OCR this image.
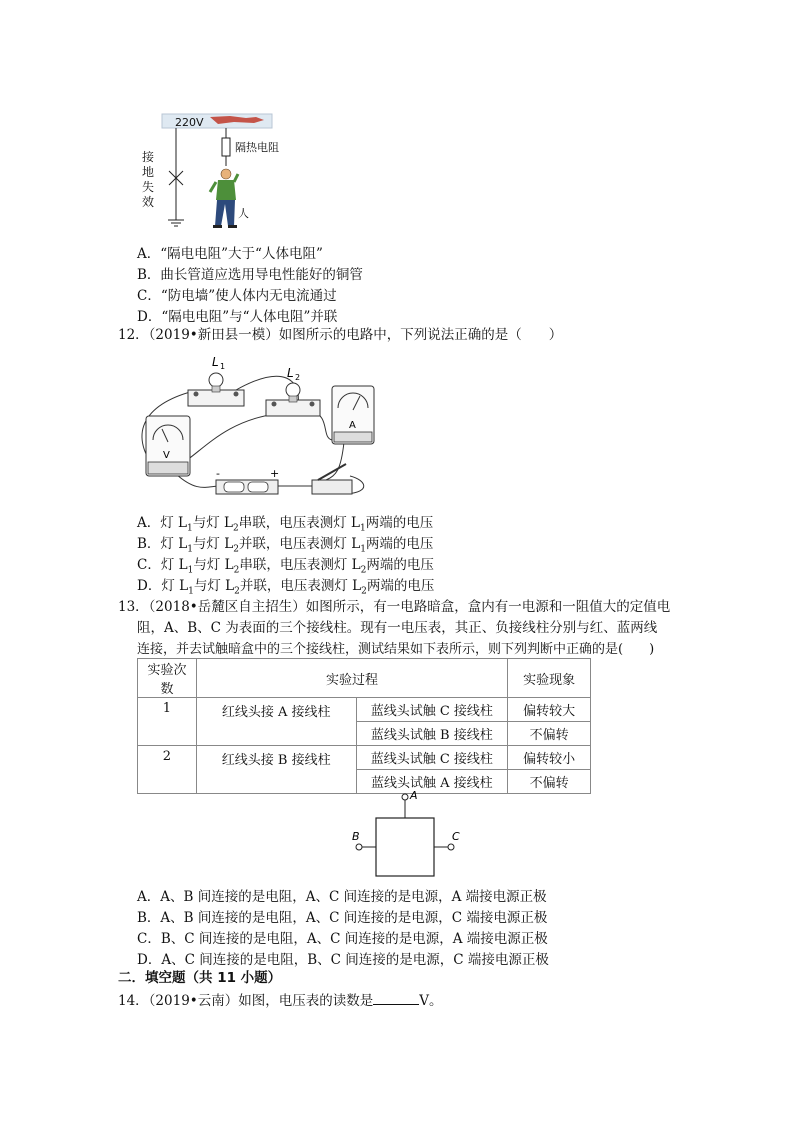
220V
隔热电阻
人
接地失效
A．“隔电电阻”大于“人体电阻”
B．曲长管道应选用导电性能好的铜管
C．“防电墙”使人体内无电流通过
D．“隔电电阻”与“人体电阻”并联
12．（2019•新田县一模）如图所示的电路中，下列说法正确的是（　　）
L 1	L 2
A
V
-	+
A．灯 $L_1$与灯 $L_2$串联，电压表测灯 $L_1$两端的电压
B．灯 $L_1$与灯 $L_2$并联，电压表测灯 $L_1$两端的电压
C．灯 $L_1$与灯 $L_2$串联，电压表测灯 $L_2$两端的电压
D．灯 $L_1$与灯 $L_2$并联，电压表测灯 $L_2$两端的电压
13．（2018•岳麓区自主招生）如图所示，有一电路暗盒，盒内有一电源和一阻值大的定值电
阻，A、B、C 为表面的三个接线柱。现有一电压表，其正、负接线柱分别与红、蓝两线
连接，并去试触暗盒中的三个接线柱，测试结果如下表所示，则下列判断中正确的是(　　)
实验次数	实验过程		实验现象
1	红线头接 A 接线柱	蓝线头试触 C 接线柱	偏转较大
		蓝线头试触 B 接线柱	不偏转
2	红线头接 B 接线柱	蓝线头试触 C 接线柱	偏转较小
		蓝线头试触 A 接线柱	不偏转
A
B	C
A．A、B 间连接的是电阻，A、C 间连接的是电源，A 端接电源正极
B．A、B 间连接的是电阻，A、C 间连接的是电源，C 端接电源正极
C．B、C 间连接的是电阻，A、C 间连接的是电源，A 端接电源正极
D．A、C 间连接的是电阻，B、C 间连接的是电源，C 端接电源正极
二．填空题（共 11 小题）
14．（2019•云南）如图，电压表的读数是	V。
